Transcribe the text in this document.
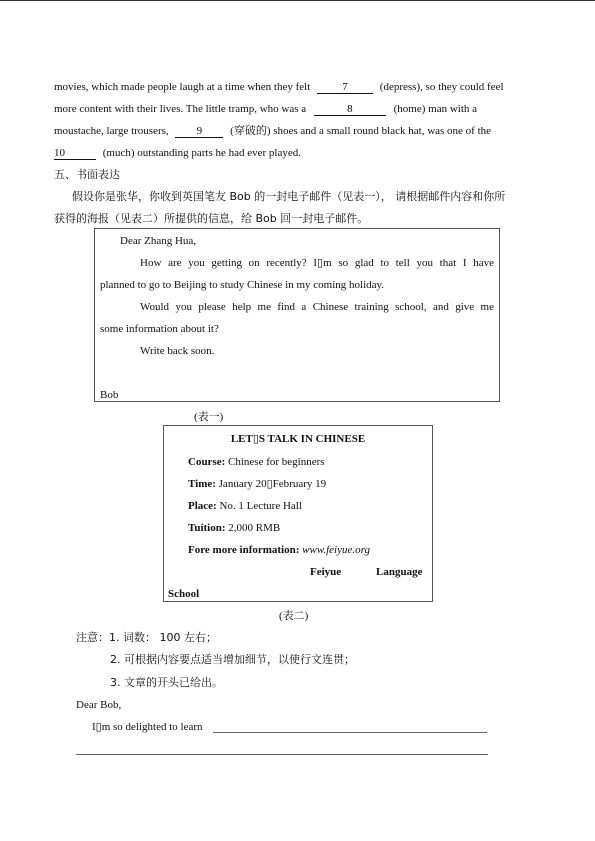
movies, which made people laugh at a time when they felt	7	(depress), so they could feel
more content with their lives. The little tramp, who was a	8	(home) man with a
moustache, large trousers,	9	(穿破的) shoes and a small round black hat, was one of the
10	(much) outstanding parts he had ever played.
五、书面表达
假设你是张华，你收到英国笔友 Bob 的一封电子邮件（见表一）， 请根据邮件内容和你所
获得的海报（见表二）所提供的信息，给 Bob 回一封电子邮件。
Dear Zhang Hua,
How are you getting on recently? I▯m so glad to tell you that I have
planned to go to Beijing to study Chinese in my coming holiday.
Would you please help me find a Chinese training school, and give me
some information about it?
Write back soon.
Bob
(表一)
LET▯S TALK IN CHINESE
Course: Chinese for beginners
Time: January 20▯February 19
Place: No. 1 Lecture Hall
Tuition: 2,000 RMB
Fore more information: www.feiyue.org
Feiyue	Language
School
(表二)
注意：1. 词数： 100 左右；
2. 可根据内容要点适当增加细节，以使行文连贯；
3. 文章的开头已给出。
Dear Bob,
I▯m so delighted to learn
